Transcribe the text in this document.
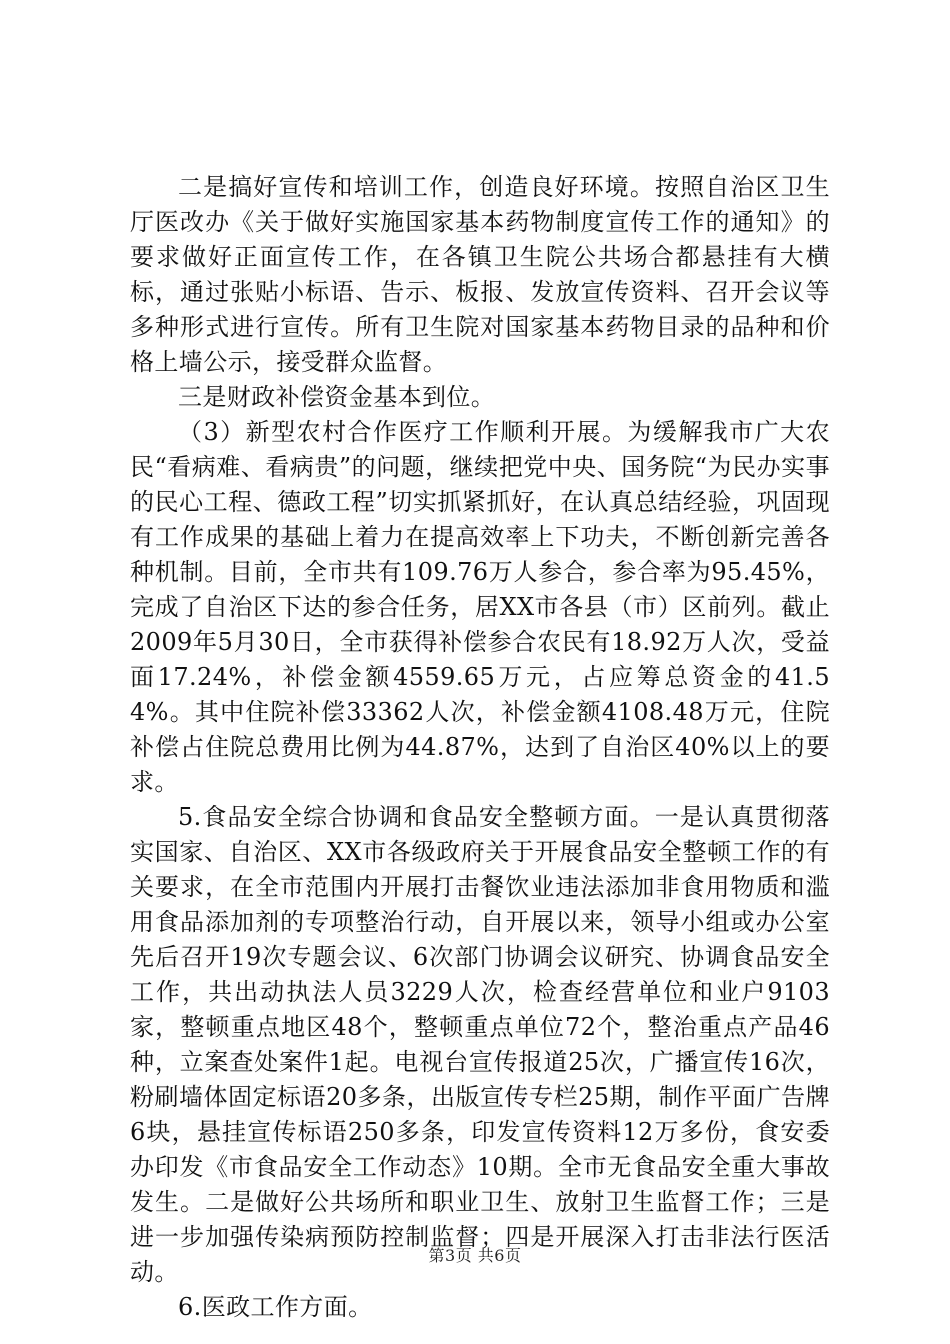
二是搞好宣传和培训工作，创造良好环境。按照自治区卫生厅医改办《关于做好实施国家基本药物制度宣传工作的通知》的要求做好正面宣传工作，在各镇卫生院公共场合都悬挂有大横标，通过张贴小标语、告示、板报、发放宣传资料、召开会议等多种形式进行宣传。所有卫生院对国家基本药物目录的品种和价格上墙公示，接受群众监督。

三是财政补偿资金基本到位。

（3）新型农村合作医疗工作顺利开展。为缓解我市广大农民“看病难、看病贵”的问题，继续把党中央、国务院“为民办实事的民心工程、德政工程”切实抓紧抓好，在认真总结经验，巩固现有工作成果的基础上着力在提高效率上下功夫，不断创新完善各种机制。目前，全市共有109.76万人参合，参合率为95.45%，完成了自治区下达的参合任务，居XX市各县（市）区前列。截止2009年5月30日，全市获得补偿参合农民有18.92万人次，受益面17.24%，补偿金额4559.65万元，占应筹总资金的41.54%。其中住院补偿33362人次，补偿金额4108.48万元，住院补偿占住院总费用比例为44.87%，达到了自治区40%以上的要求。

5.食品安全综合协调和食品安全整顿方面。一是认真贯彻落实国家、自治区、XX市各级政府关于开展食品安全整顿工作的有关要求，在全市范围内开展打击餐饮业违法添加非食用物质和滥用食品添加剂的专项整治行动，自开展以来，领导小组或办公室先后召开19次专题会议、6次部门协调会议研究、协调食品安全工作，共出动执法人员3229人次，检查经营单位和业户9103家，整顿重点地区48个，整顿重点单位72个，整治重点产品46种，立案查处案件1起。电视台宣传报道25次，广播宣传16次，粉刷墙体固定标语20多条，出版宣传专栏25期，制作平面广告牌6块，悬挂宣传标语250多条，印发宣传资料12万多份，食安委办印发《市食品安全工作动态》10期。全市无食品安全重大事故发生。二是做好公共场所和职业卫生、放射卫生监督工作；三是进一步加强传染病预防控制监督；四是开展深入打击非法行医活动。

6.医政工作方面。

第3页 共6页
